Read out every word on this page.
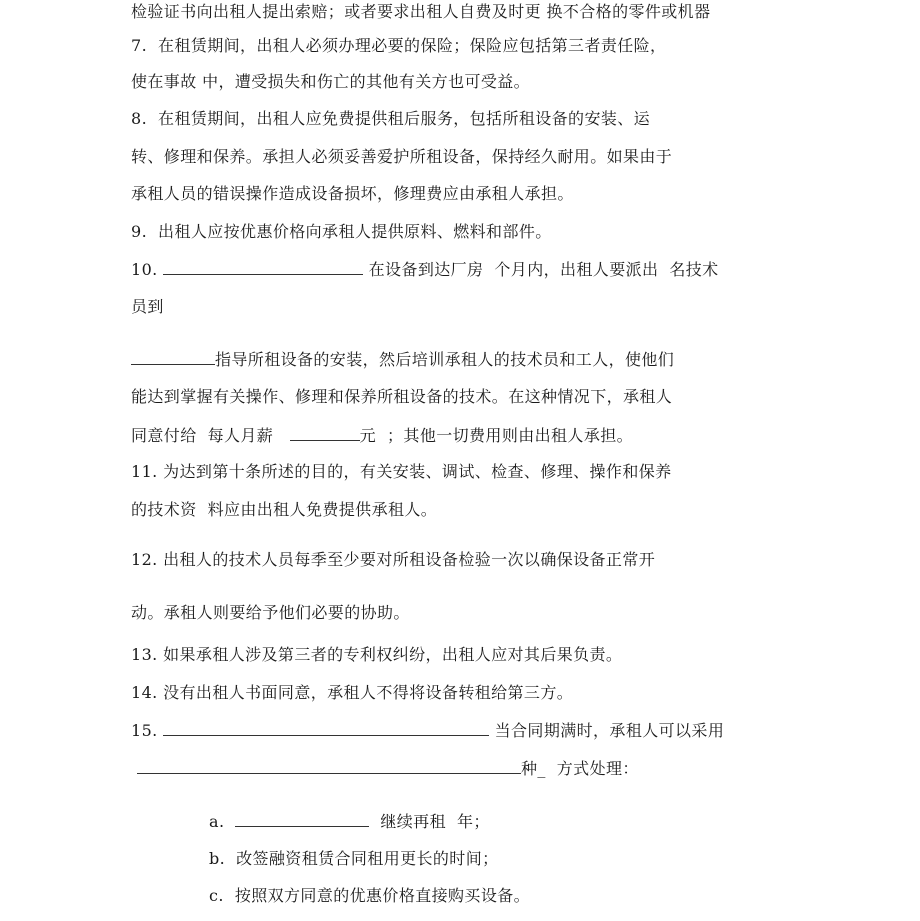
检验证书向出租人提出索赔；或者要求出租人自费及时更 换不合格的零件或机器
7.  在租赁期间，出租人必须办理必要的保险；保险应包括第三者责任险，
使在事故 中，遭受损失和伤亡的其他有关方也可受益。
8.  在租赁期间，出租人应免费提供租后服务，包括所租设备的安装、运
转、修理和保养。承担人必须妥善爱护所租设备，保持经久耐用。如果由于
承租人员的错误操作造成设备损坏，修理费应由承租人承担。
9.  出租人应按优惠价格向承租人提供原料、燃料和部件。
10.	在设备到达厂房  个月内，出租人要派出  名技术
员到
指导所租设备的安装，然后培训承租人的技术员和工人，使他们
能达到掌握有关操作、修理和保养所租设备的技术。在这种情况下，承租人
同意付给  每人月薪	元  ；其他一切费用则由出租人承担。
11. 为达到第十条所述的目的，有关安装、调试、检查、修理、操作和保养
的技术资  料应由出租人免费提供承租人。
12. 出租人的技术人员每季至少要对所租设备检验一次以确保设备正常开
动。承租人则要给予他们必要的协助。
13. 如果承租人涉及第三者的专利权纠纷，出租人应对其后果负责。
14. 没有出租人书面同意，承租人不得将设备转租给第三方。
15.	当合同期满时，承租人可以采用
种_  方式处理：
a.	继续再租  年；
b.  改签融资租赁合同租用更长的时间；
c.  按照双方同意的优惠价格直接购买设备。
